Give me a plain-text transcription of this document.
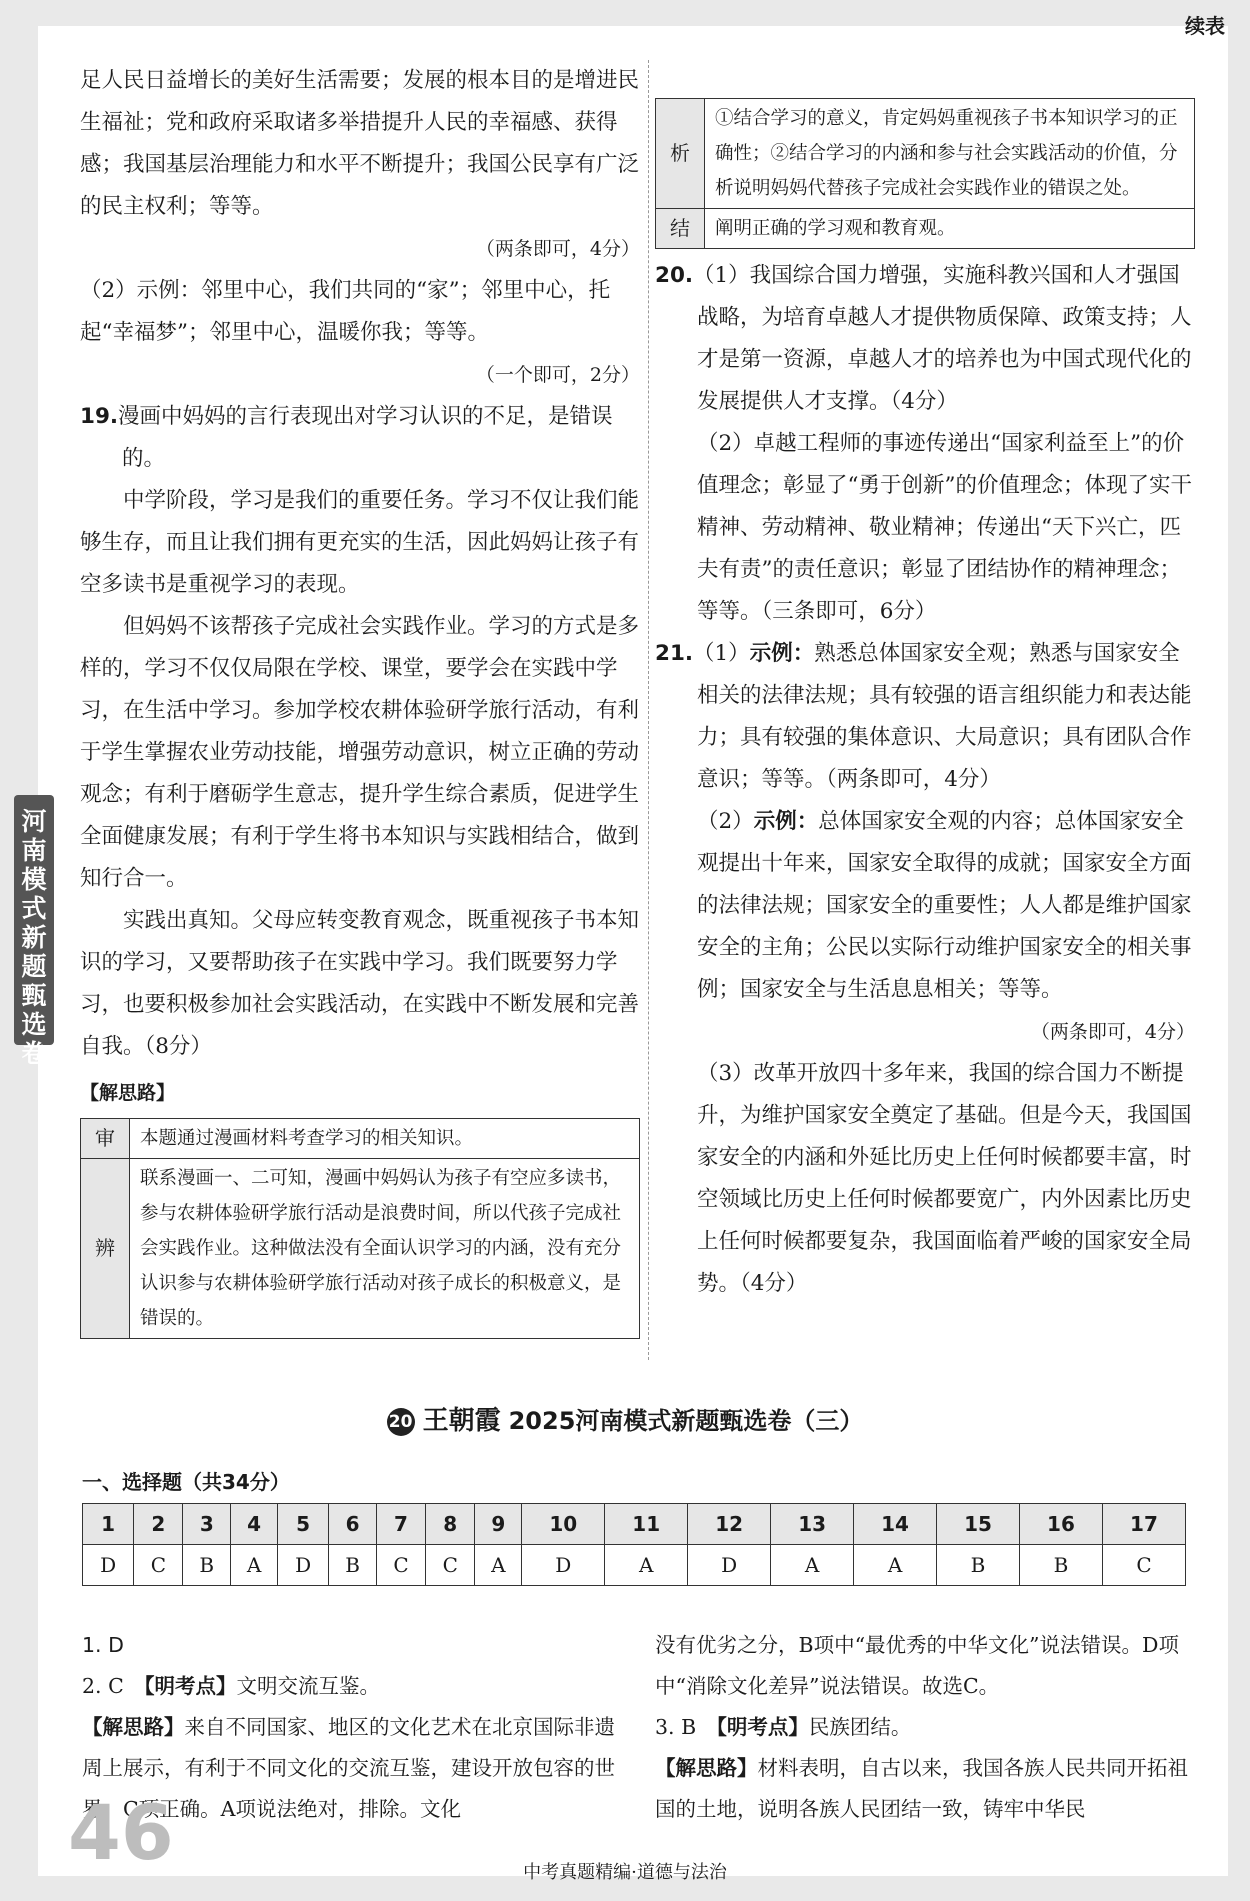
河南模式新题甄选卷

足人民日益增长的美好生活需要；发展的根本目的是增进民生福祉；党和政府采取诸多举措提升人民的幸福感、获得感；我国基层治理能力和水平不断提升；我国公民享有广泛的民主权利；等等。

（两条即可，4分）

（2）示例：邻里中心，我们共同的“家”；邻里中心，托起“幸福梦”；邻里中心，温暖你我；等等。

（一个即可，2分）

19.漫画中妈妈的言行表现出对学习认识的不足，是错误的。

中学阶段，学习是我们的重要任务。学习不仅让我们能够生存，而且让我们拥有更充实的生活，因此妈妈让孩子有空多读书是重视学习的表现。

但妈妈不该帮孩子完成社会实践作业。学习的方式是多样的，学习不仅仅局限在学校、课堂，要学会在实践中学习，在生活中学习。参加学校农耕体验研学旅行活动，有利于学生掌握农业劳动技能，增强劳动意识，树立正确的劳动观念；有利于磨砺学生意志，提升学生综合素质，促进学生全面健康发展；有利于学生将书本知识与实践相结合，做到知行合一。

实践出真知。父母应转变教育观念，既重视孩子书本知识的学习，又要帮助孩子在实践中学习。我们既要努力学习，也要积极参加社会实践活动，在实践中不断发展和完善自我。（8分）

【解思路】

审	本题通过漫画材料考查学习的相关知识。
辨	联系漫画一、二可知，漫画中妈妈认为孩子有空应多读书，参与农耕体验研学旅行活动是浪费时间，所以代孩子完成社会实践作业。这种做法没有全面认识学习的内涵，没有充分认识参与农耕体验研学旅行活动对孩子成长的积极意义，是错误的。
续表
析	①结合学习的意义，肯定妈妈重视孩子书本知识学习的正确性；②结合学习的内涵和参与社会实践活动的价值，分析说明妈妈代替孩子完成社会实践作业的错误之处。
结	阐明正确的学习观和教育观。

20.（1）我国综合国力增强，实施科教兴国和人才强国战略，为培育卓越人才提供物质保障、政策支持；人才是第一资源，卓越人才的培养也为中国式现代化的发展提供人才支撑。（4分）

（2）卓越工程师的事迹传递出“国家利益至上”的价值理念；彰显了“勇于创新”的价值理念；体现了实干精神、劳动精神、敬业精神；传递出“天下兴亡，匹夫有责”的责任意识；彰显了团结协作的精神理念；等等。（三条即可，6分）

21.（1）示例：熟悉总体国家安全观；熟悉与国家安全相关的法律法规；具有较强的语言组织能力和表达能力；具有较强的集体意识、大局意识；具有团队合作意识；等等。（两条即可，4分）

（2）示例：总体国家安全观的内容；总体国家安全观提出十年来，国家安全取得的成就；国家安全方面的法律法规；国家安全的重要性；人人都是维护国家安全的主角；公民以实际行动维护国家安全的相关事例；国家安全与生活息息相关；等等。

（两条即可，4分）

（3）改革开放四十多年来，我国的综合国力不断提升，为维护国家安全奠定了基础。但是今天，我国国家安全的内涵和外延比历史上任何时候都要丰富，时空领域比历史上任何时候都要宽广，内外因素比历史上任何时候都要复杂，我国面临着严峻的国家安全局势。（4分）

20 王朝霞 2025河南模式新题甄选卷（三）
一、选择题（共34分）
1	2	3	4	5	6	7	8	9	10	11	12	13	14	15	16	17
D	C	B	A	D	B	C	C	A	D	A	D	A	A	B	B	C

1. D

2. C　 【明考点】文明交流互鉴。

【解思路】来自不同国家、地区的文化艺术在北京国际非遗周上展示，有利于不同文化的交流互鉴，建设开放包容的世界，C项正确。A项说法绝对，排除。文化

没有优劣之分，B项中“最优秀的中华文化”说法错误。D项中“消除文化差异”说法错误。故选C。

3. B　 【明考点】民族团结。

【解思路】材料表明，自古以来，我国各族人民共同开拓祖国的土地，说明各族人民团结一致，铸牢中华民

46	中考真题精编·道德与法治
